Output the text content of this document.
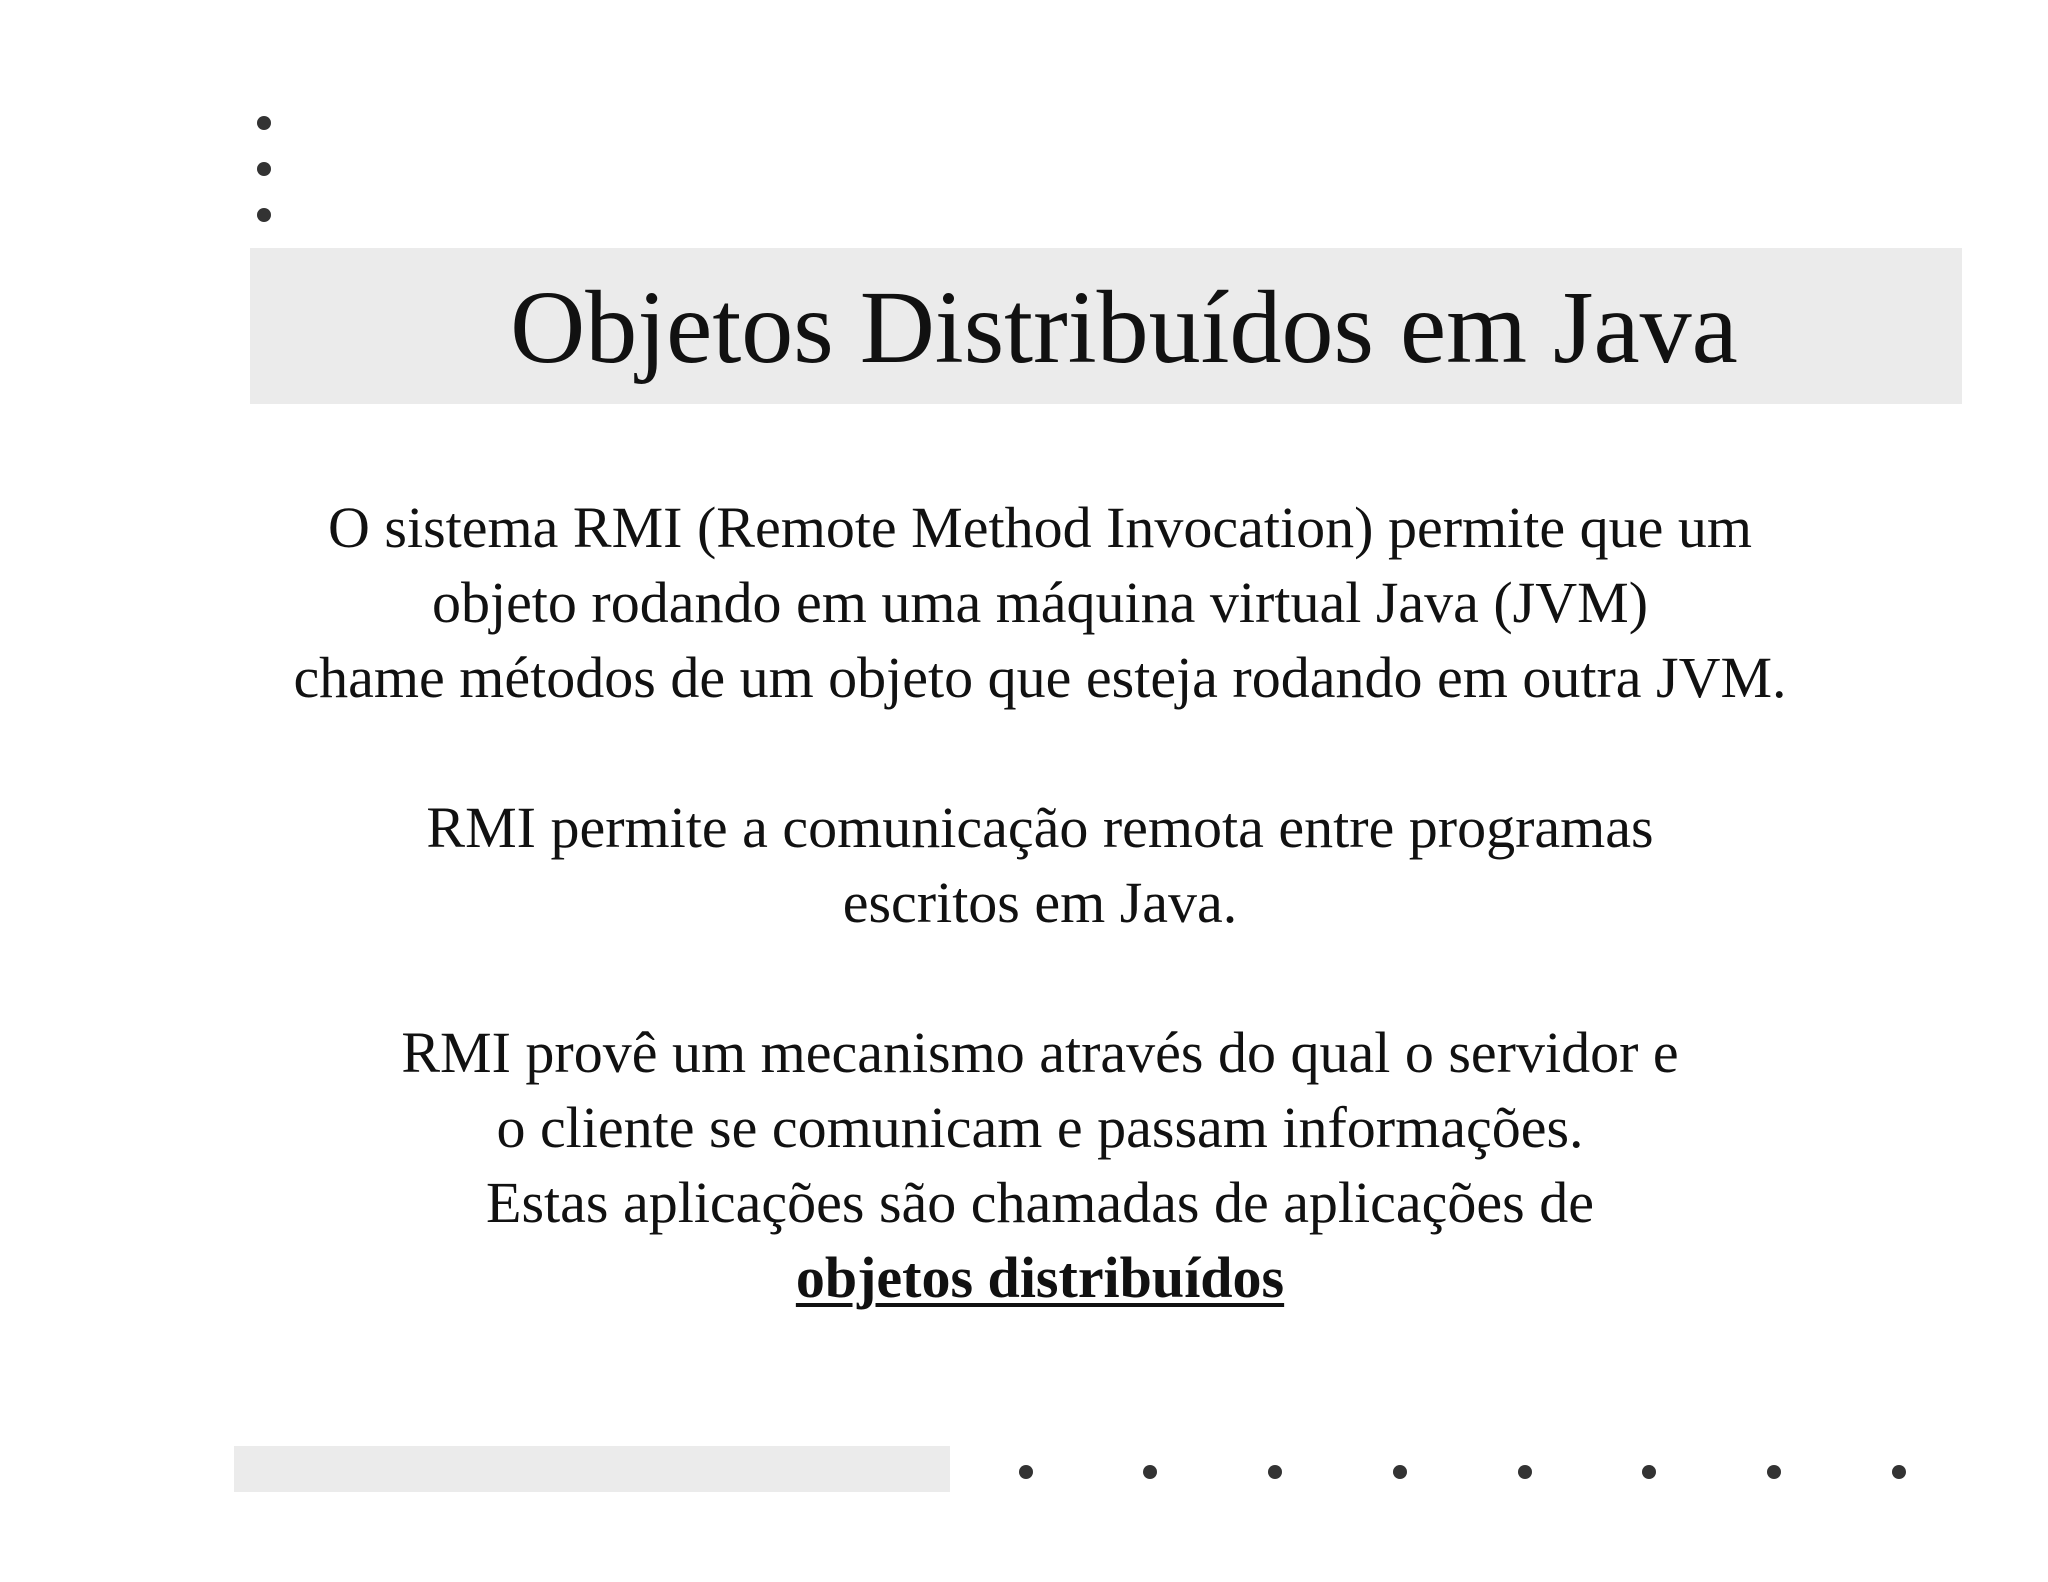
Objetos Distribuídos em Java
O sistema RMI (Remote Method Invocation) permite que um
objeto rodando em uma máquina virtual Java (JVM)
chame métodos de um objeto que esteja rodando em outra JVM.
RMI permite a comunicação remota entre programas
escritos em Java.
RMI provê um mecanismo através do qual o servidor e
o cliente se comunicam e passam informações.
Estas aplicações são chamadas de aplicações de
objetos distribuídos
